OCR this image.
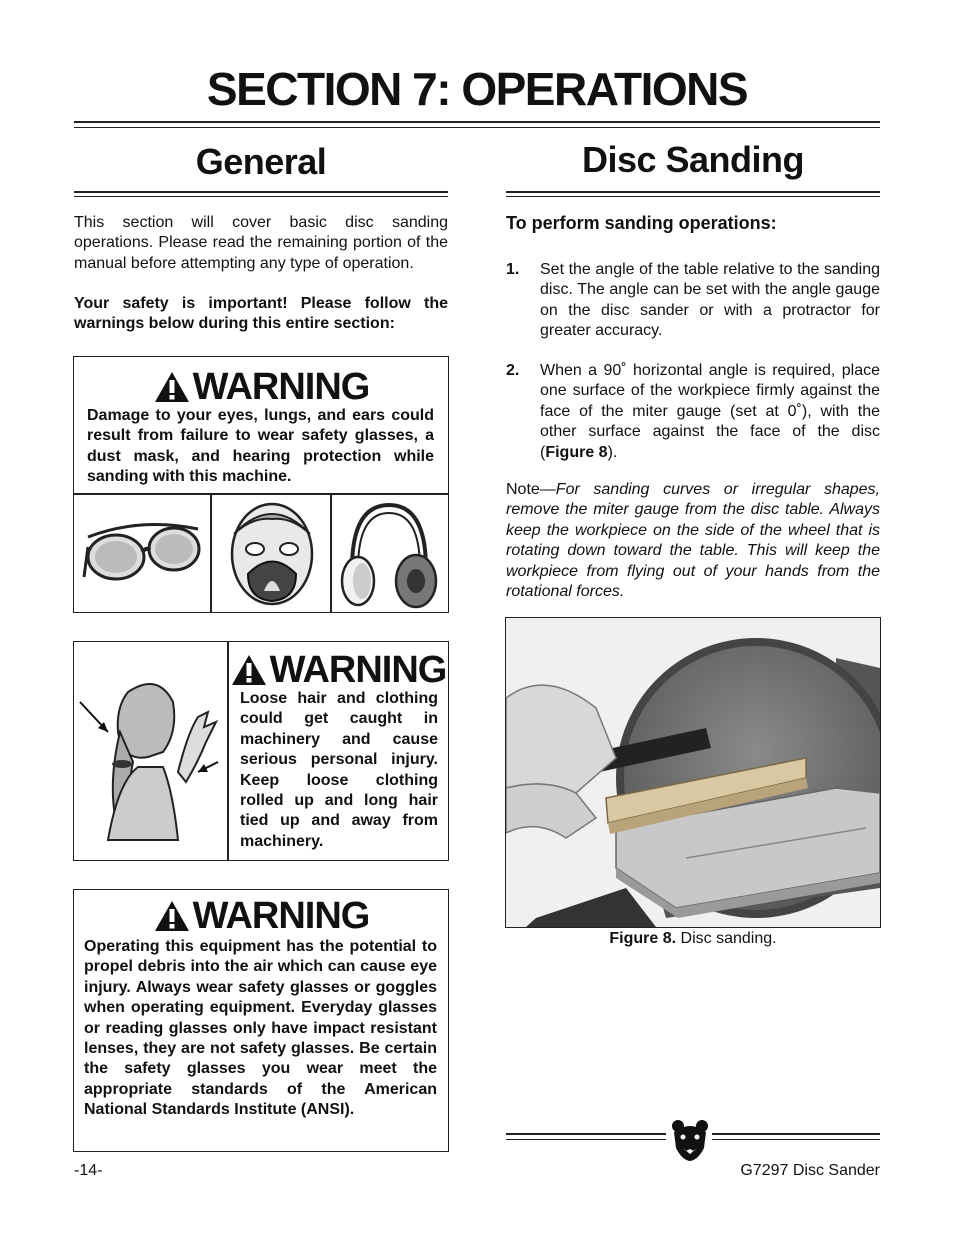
SECTION 7: OPERATIONS
General
This section will cover basic disc sanding operations. Please read the remaining portion of the manual before attempting any type of operation.
Your safety is important! Please follow the warnings below during this entire section:
WARNING
Damage to your eyes, lungs, and ears could result from failure to wear safety glasses, a dust mask, and hearing protection while sanding with this machine.
WARNING
Loose hair and clothing could get caught in machinery and cause serious personal injury. Keep loose clothing rolled up and long hair tied up and away from machinery.
WARNING
Operating this equipment has the potential to propel debris into the air which can cause eye injury. Always wear safety glasses or goggles when operating equipment. Everyday glasses or reading glasses only have impact resistant lenses, they are not safety glasses. Be certain the safety glasses you wear meet the appropriate standards of the American National Standards Institute (ANSI).
Disc Sanding
To perform sanding operations:
1. Set the angle of the table relative to the sanding disc. The angle can be set with the angle gauge on the disc sander or with a protractor for greater accuracy.
2. When a 90˚ horizontal angle is required, place one surface of the workpiece firmly against the face of the miter gauge (set at 0˚), with the other surface against the face of the disc (Figure 8).
Note—For sanding curves or irregular shapes, remove the miter gauge from the disc table. Always keep the workpiece on the side of the wheel that is rotating down toward the table. This will keep the workpiece from flying out of your hands from the rotational forces.
Figure 8. Disc sanding.
-14-	G7297 Disc Sander
